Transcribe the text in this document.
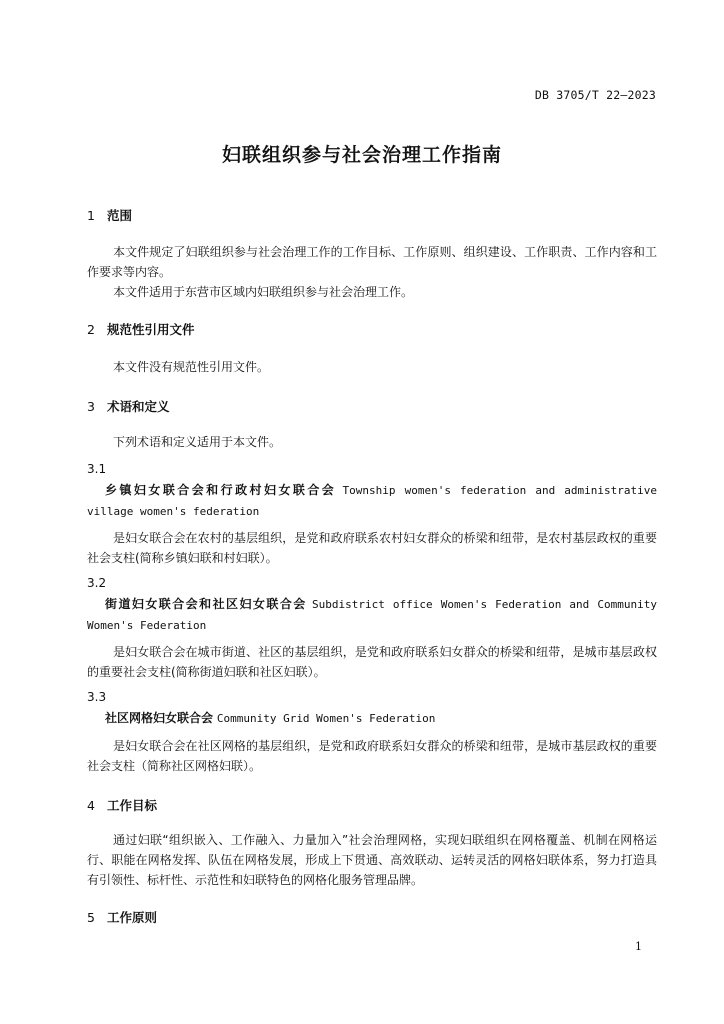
DB 3705/T 22—2023
妇联组织参与社会治理工作指南
1 范围
本文件规定了妇联组织参与社会治理工作的工作目标、工作原则、组织建设、工作职责、工作内容和工作要求等内容。
本文件适用于东营市区域内妇联组织参与社会治理工作。
2 规范性引用文件
本文件没有规范性引用文件。
3 术语和定义
下列术语和定义适用于本文件。
3.1
乡镇妇女联合会和行政村妇女联合会 Township women's federation and administrative village women's federation
是妇女联合会在农村的基层组织，是党和政府联系农村妇女群众的桥梁和纽带，是农村基层政权的重要社会支柱(简称乡镇妇联和村妇联）。
3.2
街道妇女联合会和社区妇女联合会 Subdistrict office Women's Federation and Community Women's Federation
是妇女联合会在城市街道、社区的基层组织，是党和政府联系妇女群众的桥梁和纽带，是城市基层政权的重要社会支柱(简称街道妇联和社区妇联）。
3.3
社区网格妇女联合会 Community Grid Women's Federation
是妇女联合会在社区网格的基层组织，是党和政府联系妇女群众的桥梁和纽带，是城市基层政权的重要社会支柱（简称社区网格妇联）。
4 工作目标
通过妇联“组织嵌入、工作融入、力量加入”社会治理网格，实现妇联组织在网格覆盖、机制在网格运行、职能在网格发挥、队伍在网格发展，形成上下贯通、高效联动、运转灵活的网格妇联体系，努力打造具有引领性、标杆性、示范性和妇联特色的网格化服务管理品牌。
5 工作原则
1
